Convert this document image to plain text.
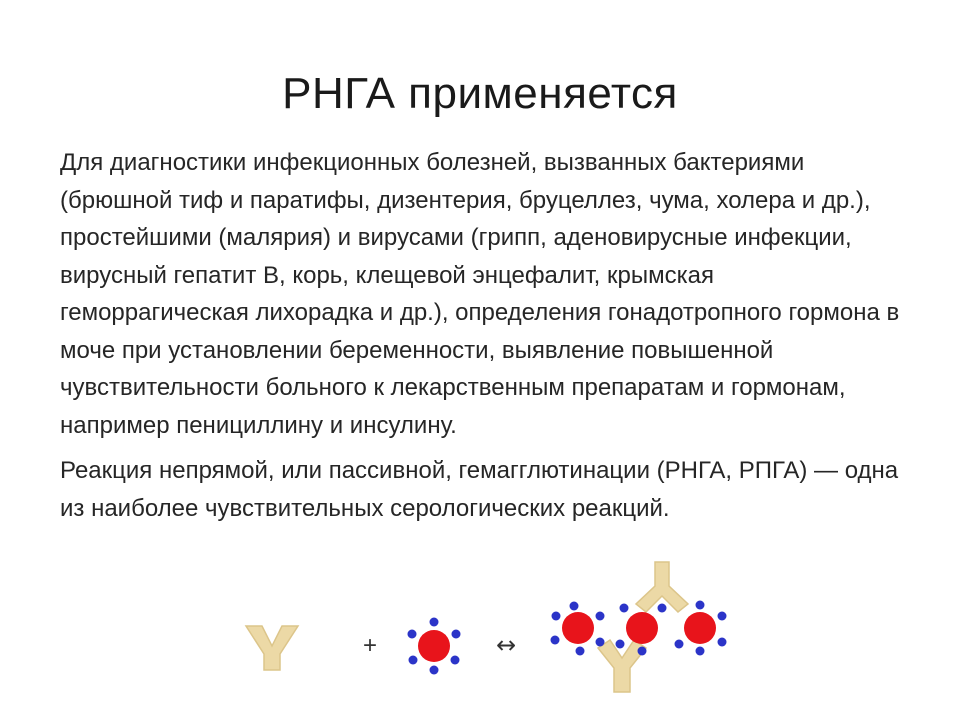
РНГА применяется

Для диагностики инфекционных болезней, вызванных бактериями (брюшной тиф и паратифы, дизентерия, бруцеллез, чума, холера и др.), простейшими (малярия) и вирусами (грипп, аденовирусные инфекции, вирусный гепатит В, корь, клещевой энцефалит, крымская геморрагическая лихорадка и др.), определения гонадотропного гормона в моче при установлении беременности, выявление повышенной чувствительности больного к лекарственным препаратам и гормонам, например пенициллину и инсулину.

Реакция непрямой, или пассивной, гемагглютинации (РНГА, РПГА) — одна из наиболее чувствительных серологических реакций.

+	↔
